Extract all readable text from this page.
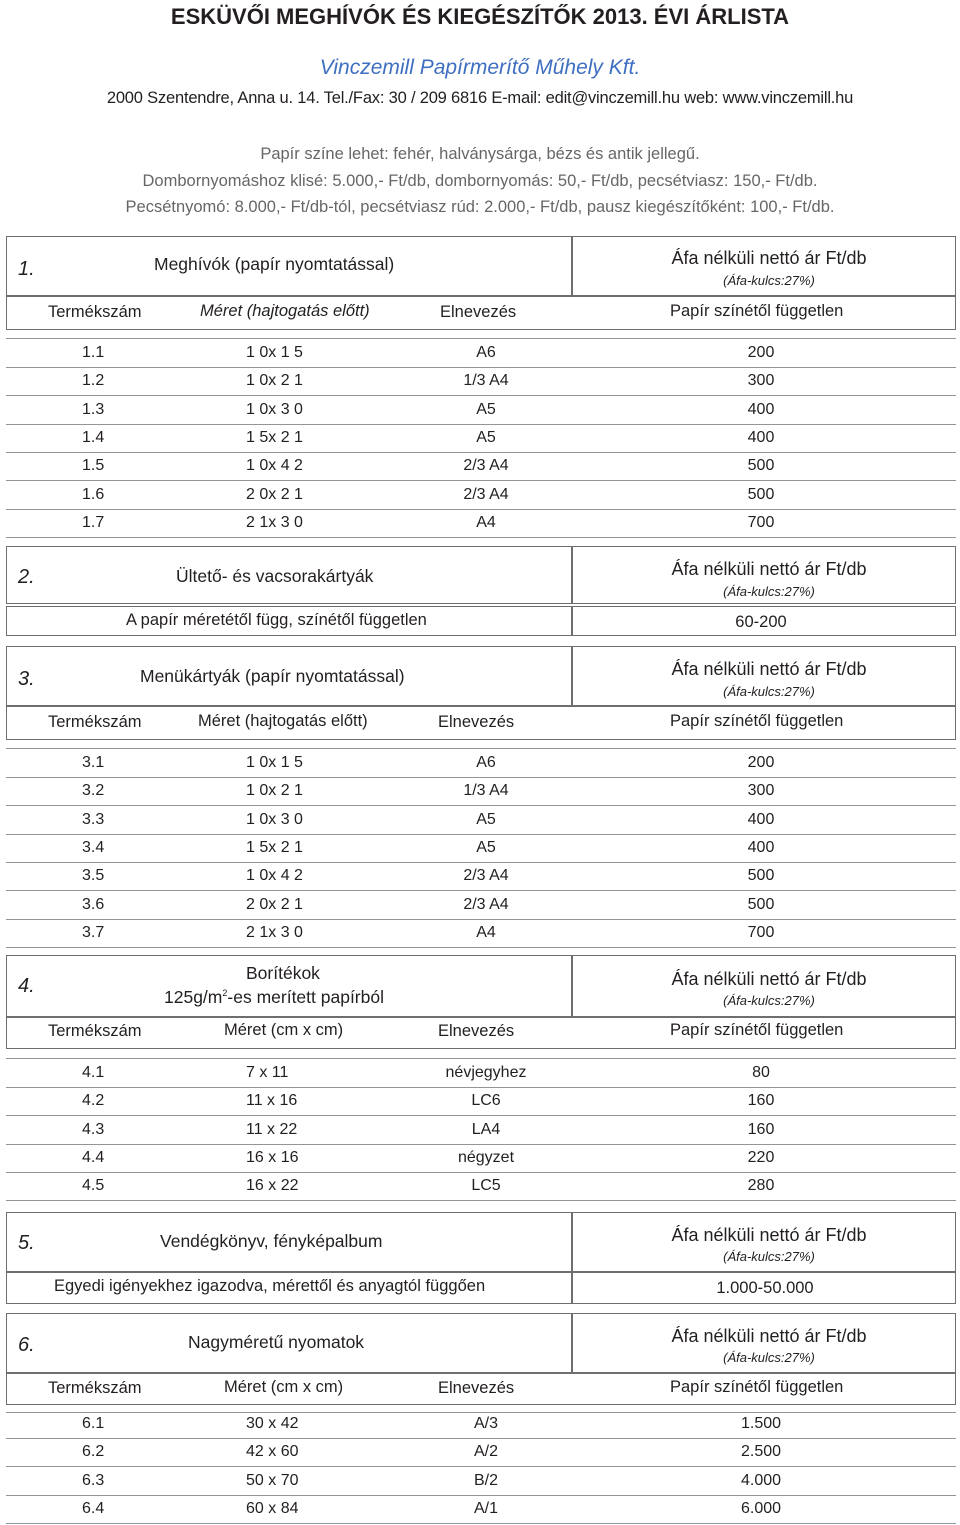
ESKÜVŐI MEGHÍVÓK ÉS KIEGÉSZÍTŐK 2013. ÉVI ÁRLISTA
Vinczemill Papírmerítő Műhely Kft.
2000 Szentendre, Anna u. 14. Tel./Fax: 30 / 209 6816 E-mail: edit@vinczemill.hu web: www.vinczemill.hu
Papír színe lehet: fehér, halványsárga, bézs és antik jellegű.
Dombornyomáshoz klisé: 5.000,- Ft/db, dombornyomás: 50,- Ft/db, pecsétviasz: 150,- Ft/db.
Pecsétnyomó: 8.000,- Ft/db-tól, pecsétviasz rúd: 2.000,- Ft/db, pausz kiegészítőként: 100,- Ft/db.
1.	Meghívók (papír nyomtatással)	Áfa nélküli nettó ár Ft/db
(Áfa-kulcs:27%)
Termékszám	Méret (hajtogatás előtt)	Elnevezés	Papír színétől független
1.1	1 0x 1 5	A6	200
1.2	1 0x 2 1	1/3 A4	300
1.3	1 0x 3 0	A5	400
1.4	1 5x 2 1	A5	400
1.5	1 0x 4 2	2/3 A4	500
1.6	2 0x 2 1	2/3 A4	500
1.7	2 1x 3 0	A4	700
2.	Ültető- és vacsorakártyák	Áfa nélküli nettó ár Ft/db
(Áfa-kulcs:27%)
A papír méretétől függ, színétől független	60-200
3.	Menükártyák (papír nyomtatással)	Áfa nélküli nettó ár Ft/db
(Áfa-kulcs:27%)
Termékszám	Méret (hajtogatás előtt)	Elnevezés	Papír színétől független
3.1	1 0x 1 5	A6	200
3.2	1 0x 2 1	1/3 A4	300
3.3	1 0x 3 0	A5	400
3.4	1 5x 2 1	A5	400
3.5	1 0x 4 2	2/3 A4	500
3.6	2 0x 2 1	2/3 A4	500
3.7	2 1x 3 0	A4	700
4.
Borítékok
$125g/m^2-es$ merített papírból
Áfa nélküli nettó ár Ft/db
(Áfa-kulcs:27%)
Termékszám	Méret (cm x cm)	Elnevezés	Papír színétől független
4.1	7 x 11	névjegyhez	80
4.2	11 x 16	LC6	160
4.3	11 x 22	LA4	160
4.4	16 x 16	négyzet	220
4.5	16 x 22	LC5	280
5.	Vendégkönyv, fényképalbum	Áfa nélküli nettó ár Ft/db
(Áfa-kulcs:27%)
Egyedi igényekhez igazodva, mérettől és anyagtól függően	1.000-50.000
6.	Nagyméretű nyomatok	Áfa nélküli nettó ár Ft/db
(Áfa-kulcs:27%)
Termékszám	Méret (cm x cm)	Elnevezés	Papír színétől független
6.1	30 x 42	A/3	1.500
6.2	42 x 60	A/2	2.500
6.3	50 x 70	B/2	4.000
6.4	60 x 84	A/1	6.000
